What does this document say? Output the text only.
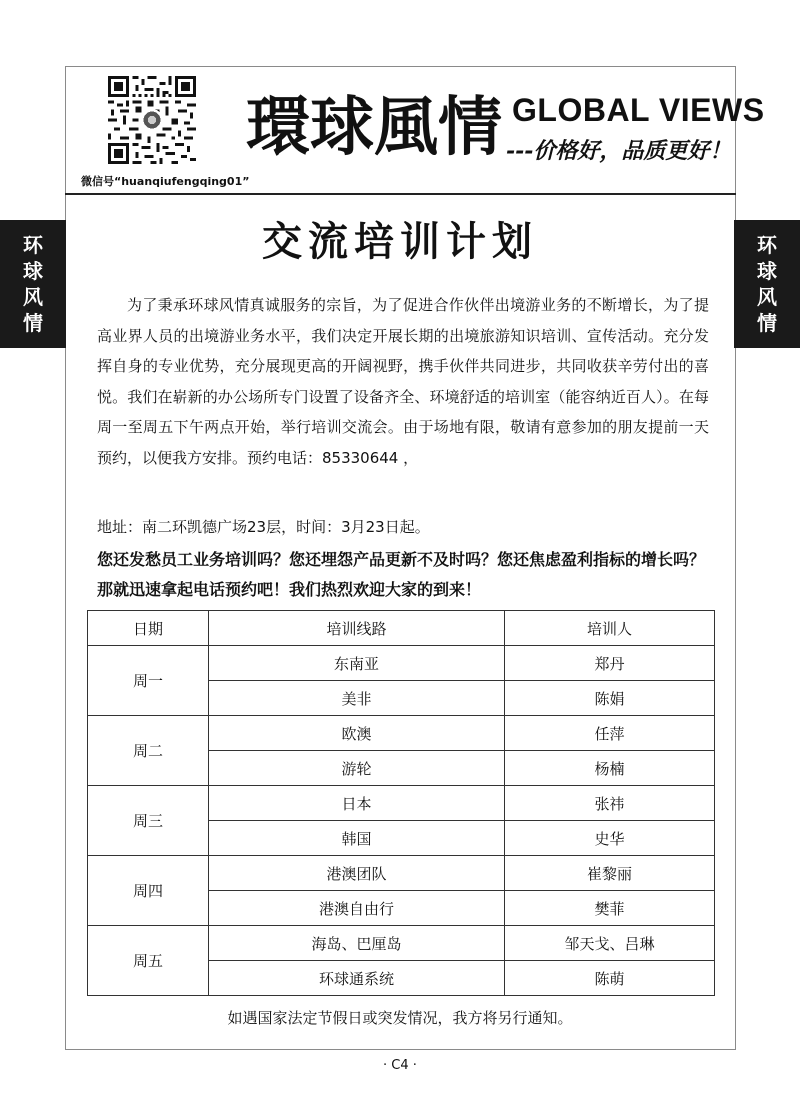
环
球
风
情
环
球
风
情
微信号“huanqiufengqing01”
環球風情 GLOBAL VIEWS
---价格好，品质更好！
交流培训计划

为了秉承环球风情真诚服务的宗旨，为了促进合作伙伴出境游业务的不断增长，为了提高业界人员的出境游业务水平，我们决定开展长期的出境旅游知识培训、宣传活动。充分发挥自身的专业优势，充分展现更高的开阔视野，携手伙伴共同进步，共同收获辛劳付出的喜悦。我们在崭新的办公场所专门设置了设备齐全、环境舒适的培训室（能容纳近百人）。在每周一至周五下午两点开始，举行培训交流会。由于场地有限，敬请有意参加的朋友提前一天预约，以便我方安排。预约电话：85330644 ，

地址：南二环凯德广场23层，时间：3月23日起。
您还发愁员工业务培训吗？您还埋怨产品更新不及时吗？您还焦虑盈利指标的增长吗？那就迅速拿起电话预约吧！我们热烈欢迎大家的到来！
日期	培训线路	培训人
周一	东南亚	郑丹
	美非	陈娟
周二	欧澳	任萍
	游轮	杨楠
周三	日本	张祎
	韩国	史华
周四	港澳团队	崔黎丽
	港澳自由行	樊菲
周五	海岛、巴厘岛	邹天戈、吕琳
	环球通系统	陈萌
如遇国家法定节假日或突发情况，我方将另行通知。
· C4 ·
